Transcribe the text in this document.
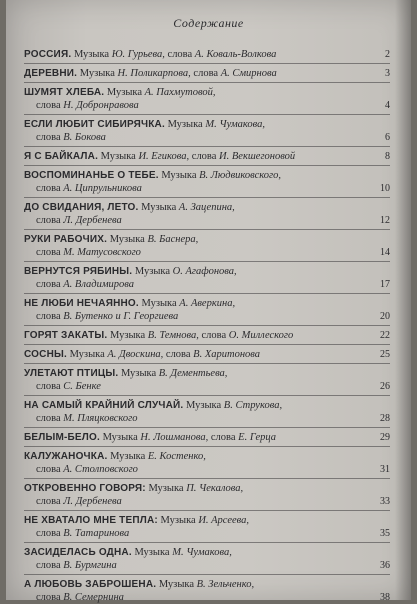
Содержание
РОССИЯ. Музыка Ю. Гурьева, слова А. Коваль-Волкова	2
ДЕРЕВНИ. Музыка Н. Поликарпова, слова А. Смирнова	3
ШУМЯТ ХЛЕБА. Музыка А. Пахмутовой,
слова Н. Добронравова	4
ЕСЛИ ЛЮБИТ СИБИРЯЧКА. Музыка М. Чумакова,
слова В. Бокова	6
Я С БАЙКАЛА. Музыка И. Егикова, слова И. Векшегоновой	8
ВОСПОМИНАНЬЕ О ТЕБЕ. Музыка В. Людвиковского,
слова А. Ципрульникова	10
ДО СВИДАНИЯ, ЛЕТО. Музыка А. Зацепина,
слова Л. Дербенева	12
РУКИ РАБОЧИХ. Музыка В. Баснера,
слова М. Матусовского	14
ВЕРНУТСЯ РЯБИНЫ. Музыка О. Агафонова,
слова А. Владимирова	17
НЕ ЛЮБИ НЕЧАЯННО. Музыка А. Аверкина,
слова В. Бутенко и Г. Георгиева	20
ГОРЯТ ЗАКАТЫ. Музыка В. Темнова, слова О. Миллеского	22
СОСНЫ. Музыка А. Двоскина, слова В. Харитонова	25
УЛЕТАЮТ ПТИЦЫ. Музыка В. Дементьева,
слова С. Бенке	26
НА САМЫЙ КРАЙНИЙ СЛУЧАЙ. Музыка В. Струкова,
слова М. Пляцковского	28
БЕЛЫМ-БЕЛО. Музыка Н. Лошманова, слова Е. Герца	29
КАЛУЖАНОЧКА. Музыка Е. Костенко,
слова А. Столповского	31
ОТКРОВЕННО ГОВОРЯ: Музыка П. Чекалова,
слова Л. Дербенева	33
НЕ ХВАТАЛО МНЕ ТЕПЛА: Музыка И. Арсеева,
слова В. Татаринова	35
ЗАСИДЕЛАСЬ ОДНА. Музыка М. Чумакова,
слова В. Бурмгина	36
А ЛЮБОВЬ ЗАБРОШЕНА. Музыка В. Зельченко,
слова В. Семернина	38
